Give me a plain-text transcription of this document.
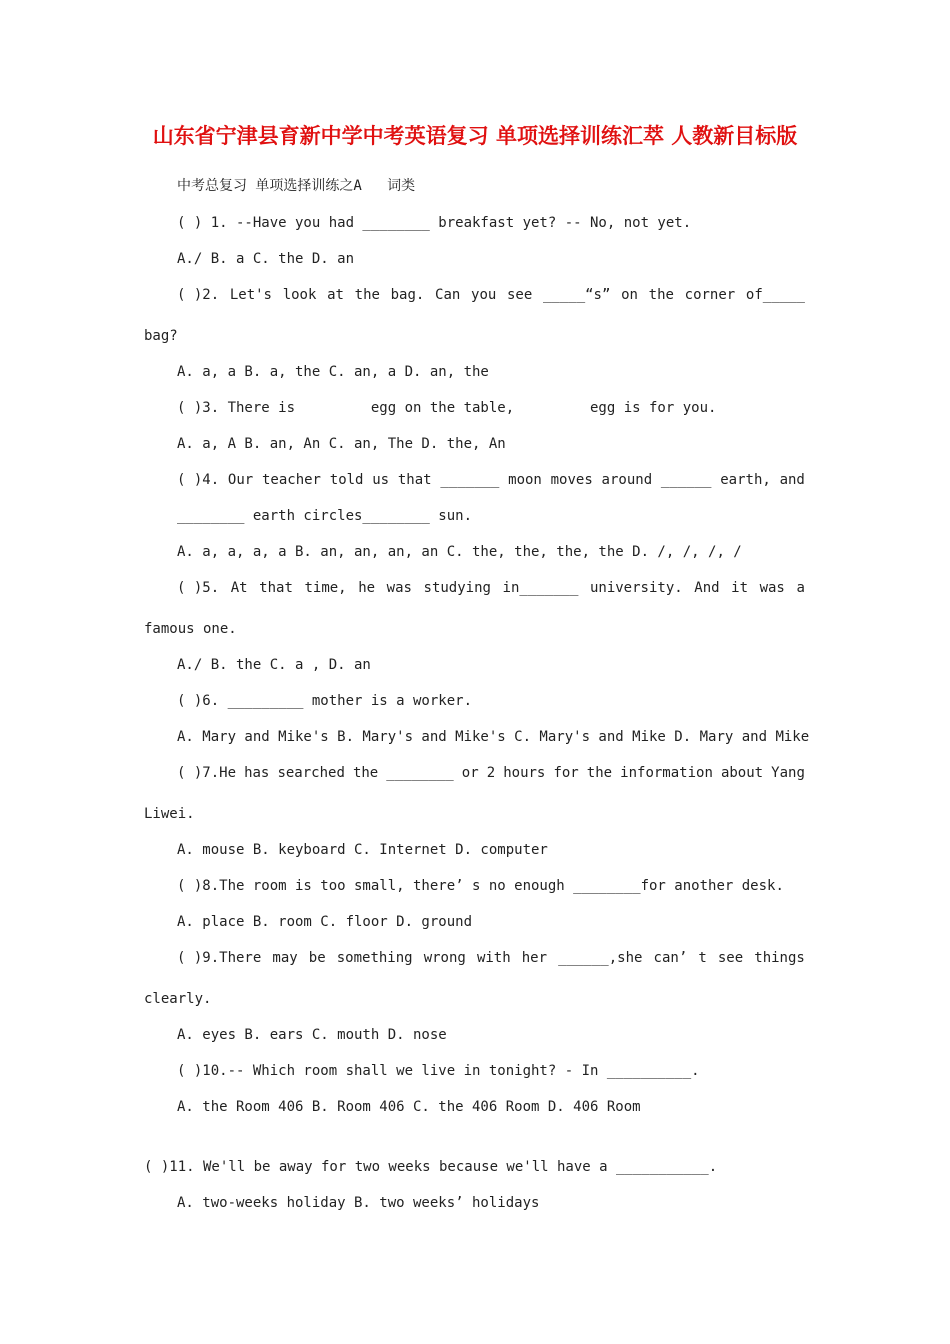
山东省宁津县育新中学中考英语复习 单项选择训练汇萃 人教新目标版
中考总复习 单项选择训练之A   词类
( ) 1. --Have you had ________ breakfast yet? -- No, not yet.
A./ B. a C. the D. an
( )2. Let's look at the bag. Can you see _____“s” on the corner of_____
bag?
A. a, a B. a, the C. an, a D. an, the
( )3. There is         egg on the table,         egg is for you.
A. a, A B. an, An C. an, The D. the, An
( )4. Our teacher told us that _______ moon moves around ______ earth, and
________ earth circles________ sun.
A. a, a, a, a B. an, an, an, an C. the, the, the, the D. /, /, /, /
( )5. At that time, he was studying in_______ university. And it was a
famous one.
A./ B. the C. a , D. an
( )6. _________ mother is a worker.
A. Mary and Mike's B. Mary's and Mike's C. Mary's and Mike D. Mary and Mike
( )7.He has searched the ________ or 2 hours for the information about Yang
Liwei.
A. mouse B. keyboard C. Internet D. computer
( )8.The room is too small, there’ s no enough ________for another desk.
A. place B. room C. floor D. ground
( )9.There may be something wrong with her ______,she can’ t see things
clearly.
A. eyes B. ears C. mouth D. nose
( )10.-- Which room shall we live in tonight? - In __________.
A. the Room 406 B. Room 406 C. the 406 Room D. 406 Room
( )11. We'll be away for two weeks because we'll have a ___________.
A. two-weeks holiday B. two weeks’ holidays
